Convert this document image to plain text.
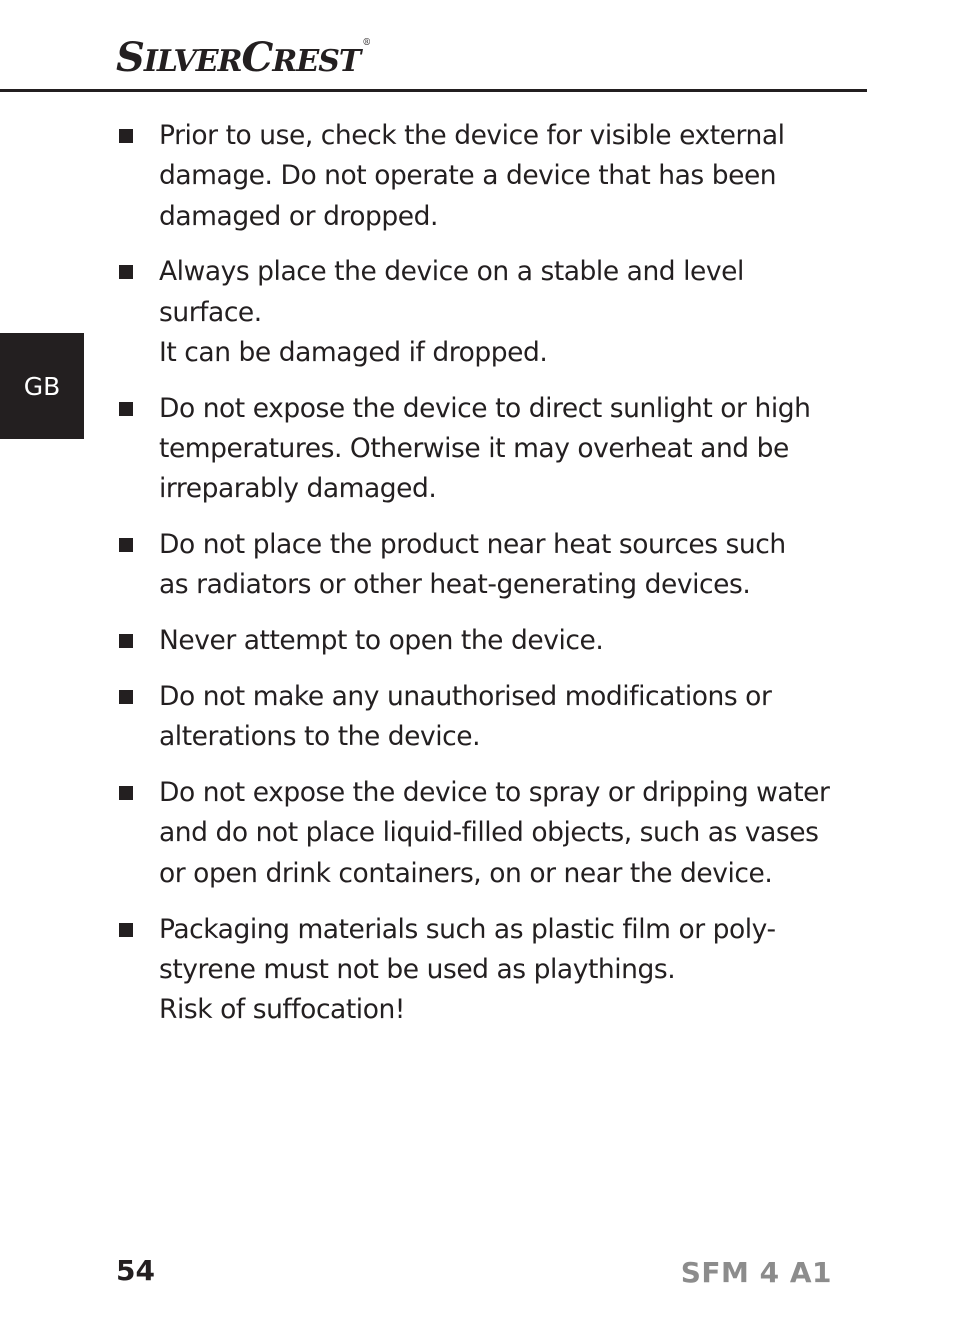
SILVERCREST®
GB
Prior to use, check the device for visible external
damage. Do not operate a device that has been
damaged or dropped.
Always place the device on a stable and level surface.
It can be damaged if dropped.
Do not expose the device to direct sunlight or high
temperatures. Otherwise it may overheat and be
irreparably damaged.
Do not place the product near heat sources such
as radiators or other heat-generating devices.
Never attempt to open the device.
Do not make any unauthorised modifications or
alterations to the device.
Do not expose the device to spray or dripping water
and do not place liquid-filled objects, such as vases
or open drink containers, on or near the device.
Packaging materials such as plastic film or poly-
styrene must not be used as playthings.
Risk of suffocation!
54	SFM 4 A1
